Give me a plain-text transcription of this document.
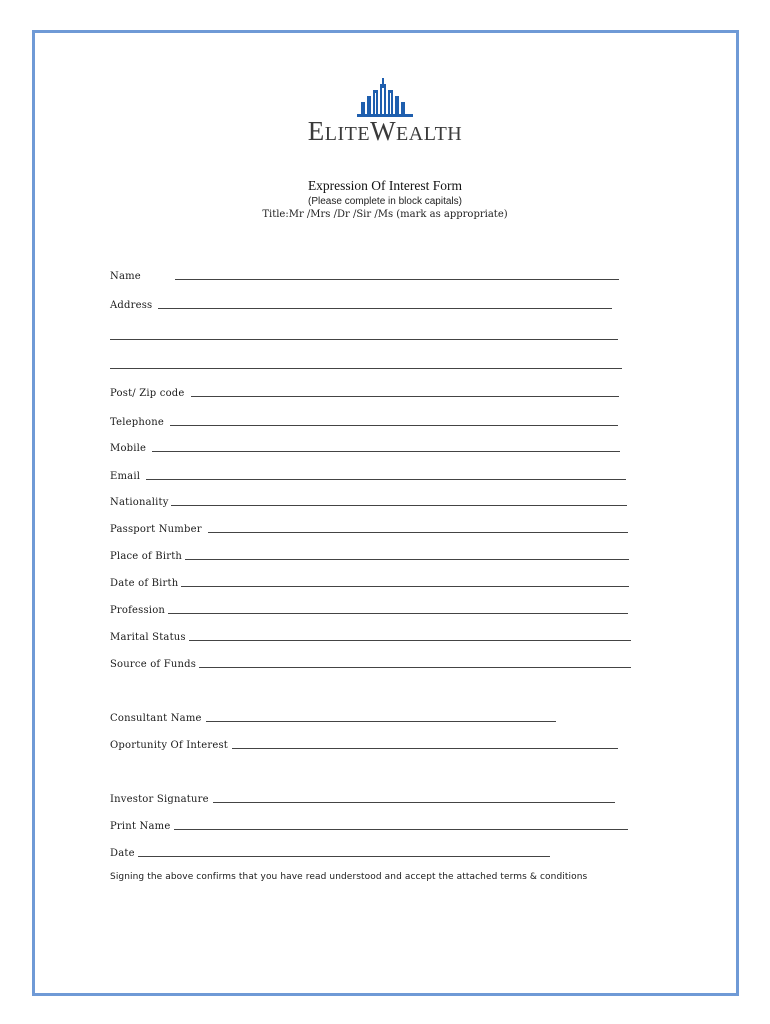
ELITEWEALTH
Expression Of Interest Form
(Please complete in block capitals)
Title:Mr /Mrs /Dr /Sir /Ms (mark as appropriate)
Name
Address
Post/ Zip code
Telephone
Mobile
Email
Nationality
Passport Number
Place of Birth
Date of Birth
Profession
Marital Status
Source of Funds
Consultant Name
Oportunity Of Interest
Investor Signature
Print Name
Date
Signing the above confirms that you have read understood and accept the attached terms & conditions
